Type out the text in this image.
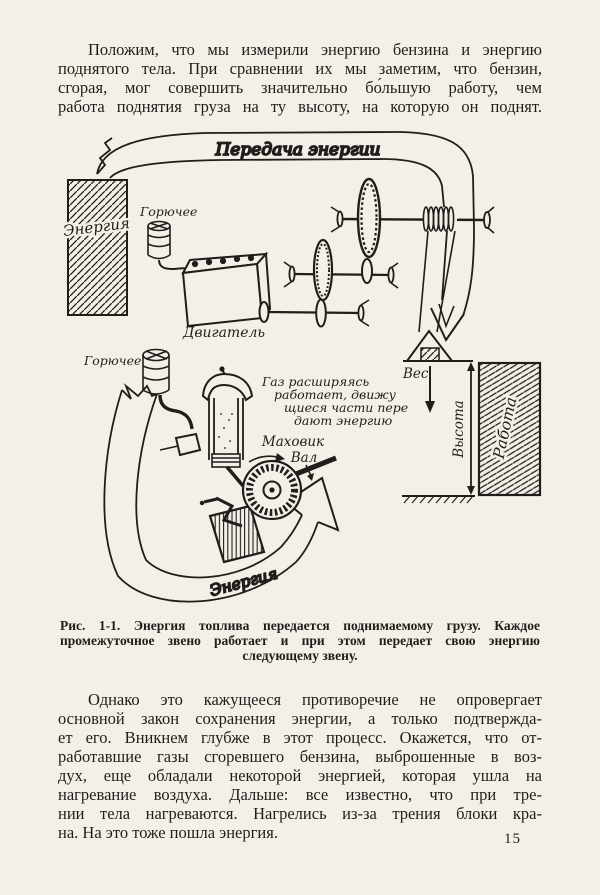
Положим, что мы измерили энергию бензина и энергию
поднятого тела. При сравнении их мы заметим, что бензин,
сгорая, мог совершить значительно бо́льшую работу, чем
работа поднятия груза на ту высоту, на которую он поднят.
Энергия
Передача энергии
Энергия
Горючее
Двигатель
Вес
Высота Работа
Горючее
Маховик
Вал
Газ расширяясь
работает, движу
щиеся части пере
дают энергию
Рис. 1-1. Энергия топлива передается поднимаемому грузу. Каждое
промежуточное звено работает и при этом передает свою энергию
следующему звену.
Однако это кажущееся противоречие не опровергает
основной закон сохранения энергии, а только подтвержда-
ет его. Вникнем глубже в этот процесс. Окажется, что от-
работавшие газы сгоревшего бензина, выброшенные в воз-
дух, еще обладали некоторой энергией, которая ушла на
нагревание воздуха. Дальше: все известно, что при тре-
нии тела нагреваются. Нагрелись из-за трения блоки кра-
на. На это тоже пошла энергия.	15
